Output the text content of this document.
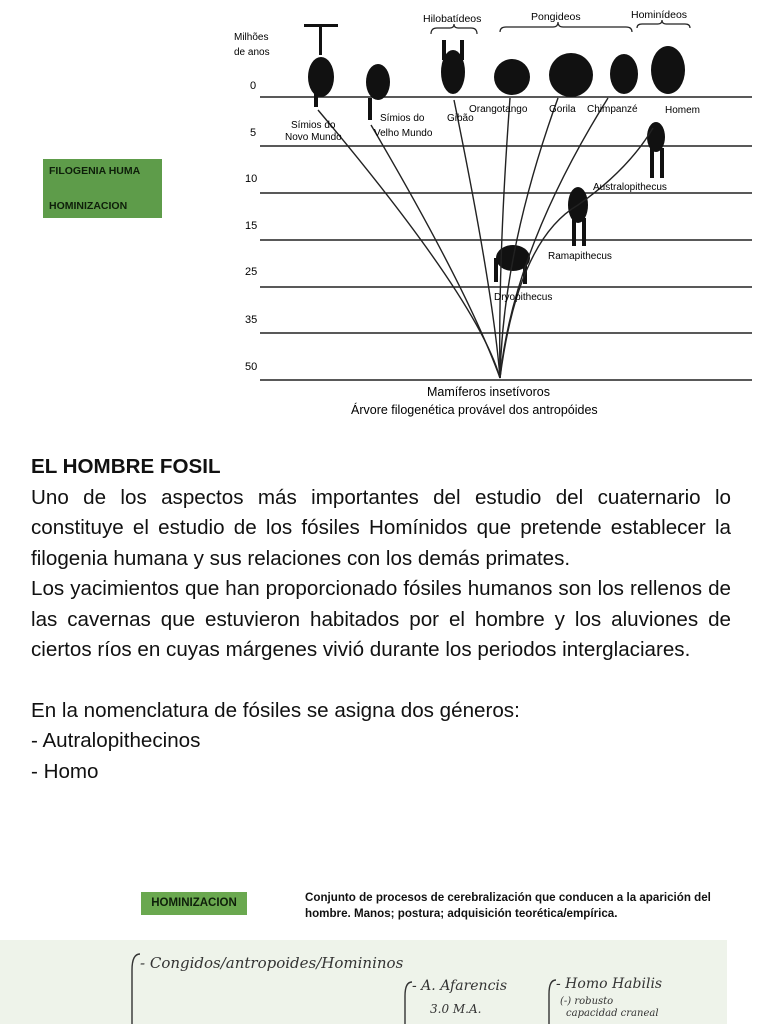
FILOGENIA HUMA
HOMINIZACION
Milhões
de anos
0
5
10
15
25
35
50
Hilobatídeos	Pongideos	Hominídeos
Símios do
Novo Mundo
Símios do
Velho Mundo
Gibão
Orangotango Gorila Chimpanzé	Homem
Australopithecus
Ramapithecus
Dryopithecus
Mamíferos insetívoros
Árvore filogenética provável dos antropóides
EL HOMBRE FOSIL

Uno de los aspectos más importantes del estudio del cuaternario lo constituye el estudio de los fósiles Homínidos que pretende establecer la filogenia humana y sus relaciones con los demás primates.

Los yacimientos que han proporcionado fósiles humanos son los rellenos de las cavernas que estuvieron habitados por el hombre y los aluviones de ciertos ríos en cuyas márgenes vivió durante los periodos interglaciares.

En la nomenclatura de fósiles se asigna dos géneros:

- Autralopithecinos
- Homo
HOMINIZACION	Conjunto de procesos de cerebralización que conducen a la aparición del hombre. Manos; postura; adquisición teorética/empírica.
- Congidos/antropoides/Homininos
- A. Afarencis
3.0 M.A.
- Homo Habilis
(-) robusto
capacidad craneal
